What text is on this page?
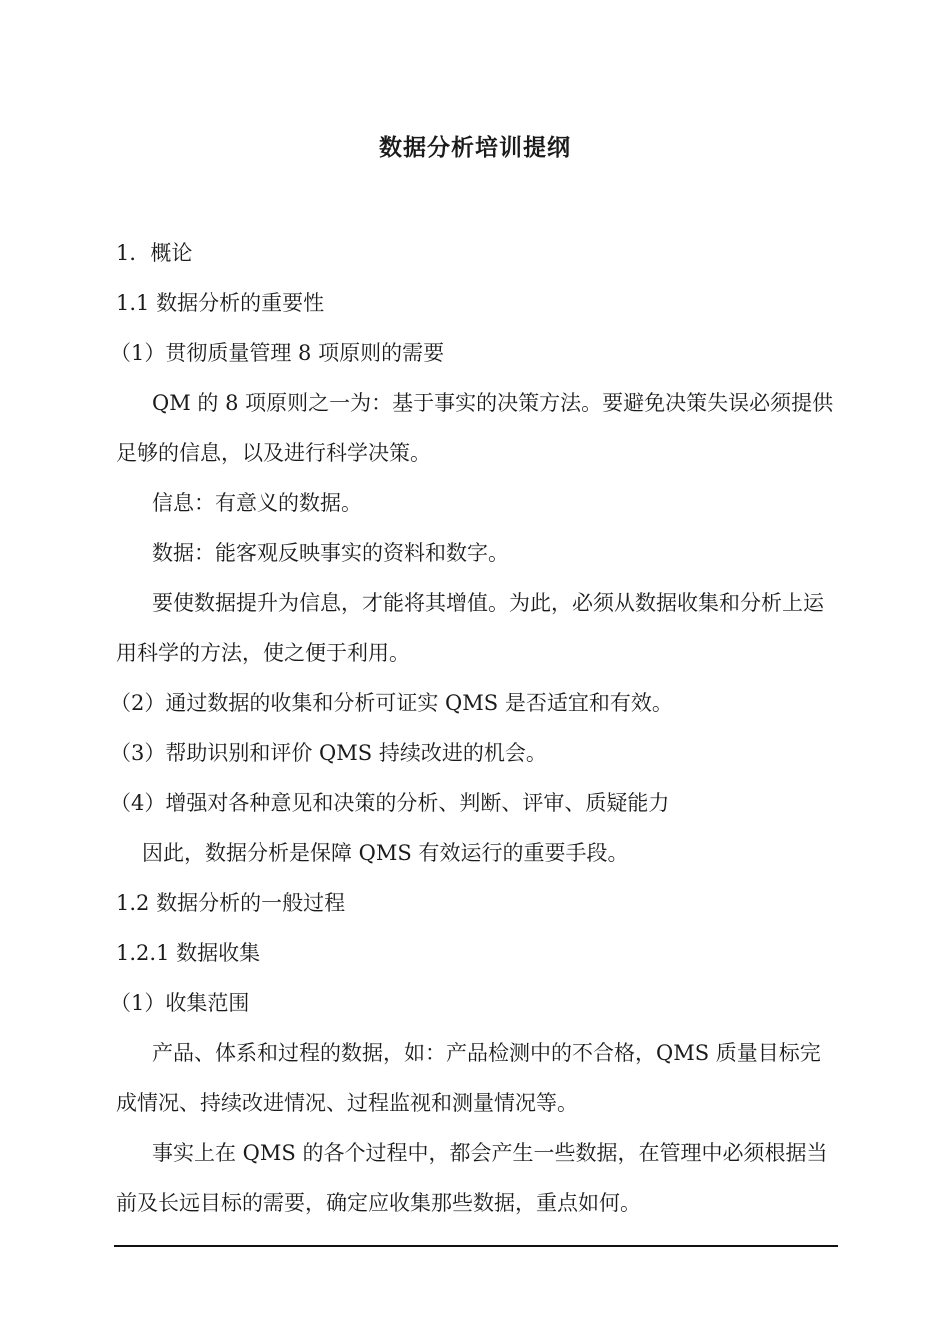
数据分析培训提纲

1．概论

1.1 数据分析的重要性

（1）贯彻质量管理 8 项原则的需要

QM 的 8 项原则之一为：基于事实的决策方法。要避免决策失误必须提供足够的信息，以及进行科学决策。

信息：有意义的数据。

数据：能客观反映事实的资料和数字。

要使数据提升为信息，才能将其增值。为此，必须从数据收集和分析上运用科学的方法，使之便于利用。

（2）通过数据的收集和分析可证实 QMS 是否适宜和有效。

（3）帮助识别和评价 QMS 持续改进的机会。

（4）增强对各种意见和决策的分析、判断、评审、质疑能力

因此，数据分析是保障 QMS 有效运行的重要手段。

1.2 数据分析的一般过程

1.2.1 数据收集

（1）收集范围

产品、体系和过程的数据，如：产品检测中的不合格，QMS 质量目标完成情况、持续改进情况、过程监视和测量情况等。

事实上在 QMS 的各个过程中，都会产生一些数据，在管理中必须根据当前及长远目标的需要，确定应收集那些数据，重点如何。
